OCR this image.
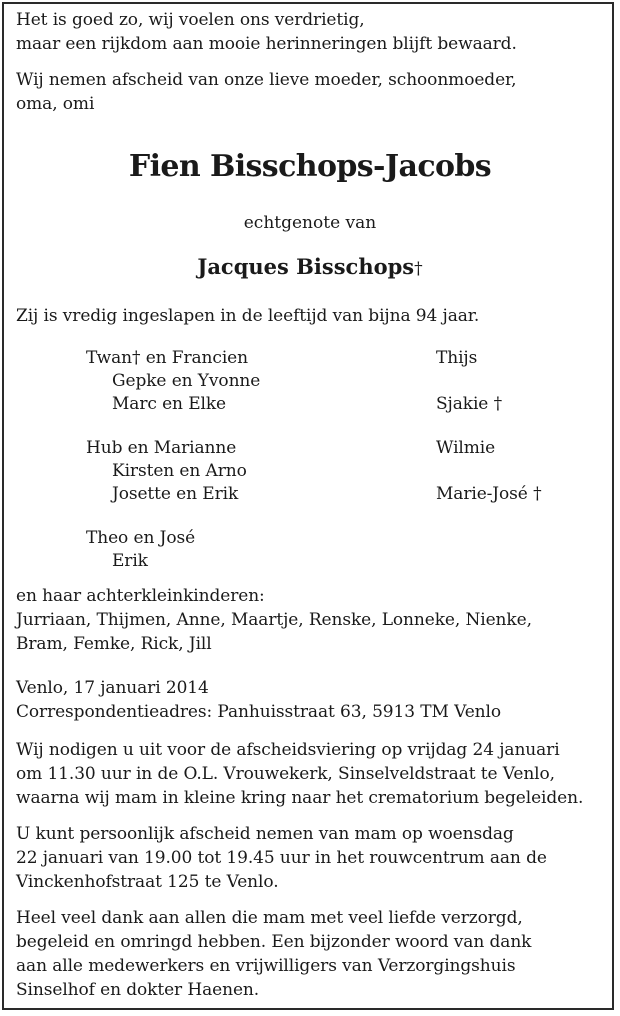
Het is goed zo, wij voelen ons verdrietig,
maar een rijkdom aan mooie herinneringen blijft bewaard.
Wij nemen afscheid van onze lieve moeder, schoonmoeder,
oma, omi
Fien Bisschops-Jacobs
echtgenote van
Jacques Bisschops†
Zij is vredig ingeslapen in de leeftijd van bijna 94 jaar.
Twan† en Francien
Gepke en Yvonne
Marc en Elke
Hub en Marianne
Kirsten en Arno
Josette en Erik
Theo en José
Erik
Thijs
Sjakie †
Wilmie
Marie-José †
en haar achterkleinkinderen:
Jurriaan, Thijmen, Anne, Maartje, Renske, Lonneke, Nienke,
Bram, Femke, Rick, Jill
Venlo, 17 januari 2014
Correspondentieadres: Panhuisstraat 63, 5913 TM Venlo
Wij nodigen u uit voor de afscheidsviering op vrijdag 24 januari
om 11.30 uur in de O.L. Vrouwekerk, Sinselveldstraat te Venlo,
waarna wij mam in kleine kring naar het crematorium begeleiden.
U kunt persoonlijk afscheid nemen van mam op woensdag
22 januari van 19.00 tot 19.45 uur in het rouwcentrum aan de
Vinckenhofstraat 125 te Venlo.
Heel veel dank aan allen die mam met veel liefde verzorgd,
begeleid en omringd hebben. Een bijzonder woord van dank
aan alle medewerkers en vrijwilligers van Verzorgingshuis
Sinselhof en dokter Haenen.
